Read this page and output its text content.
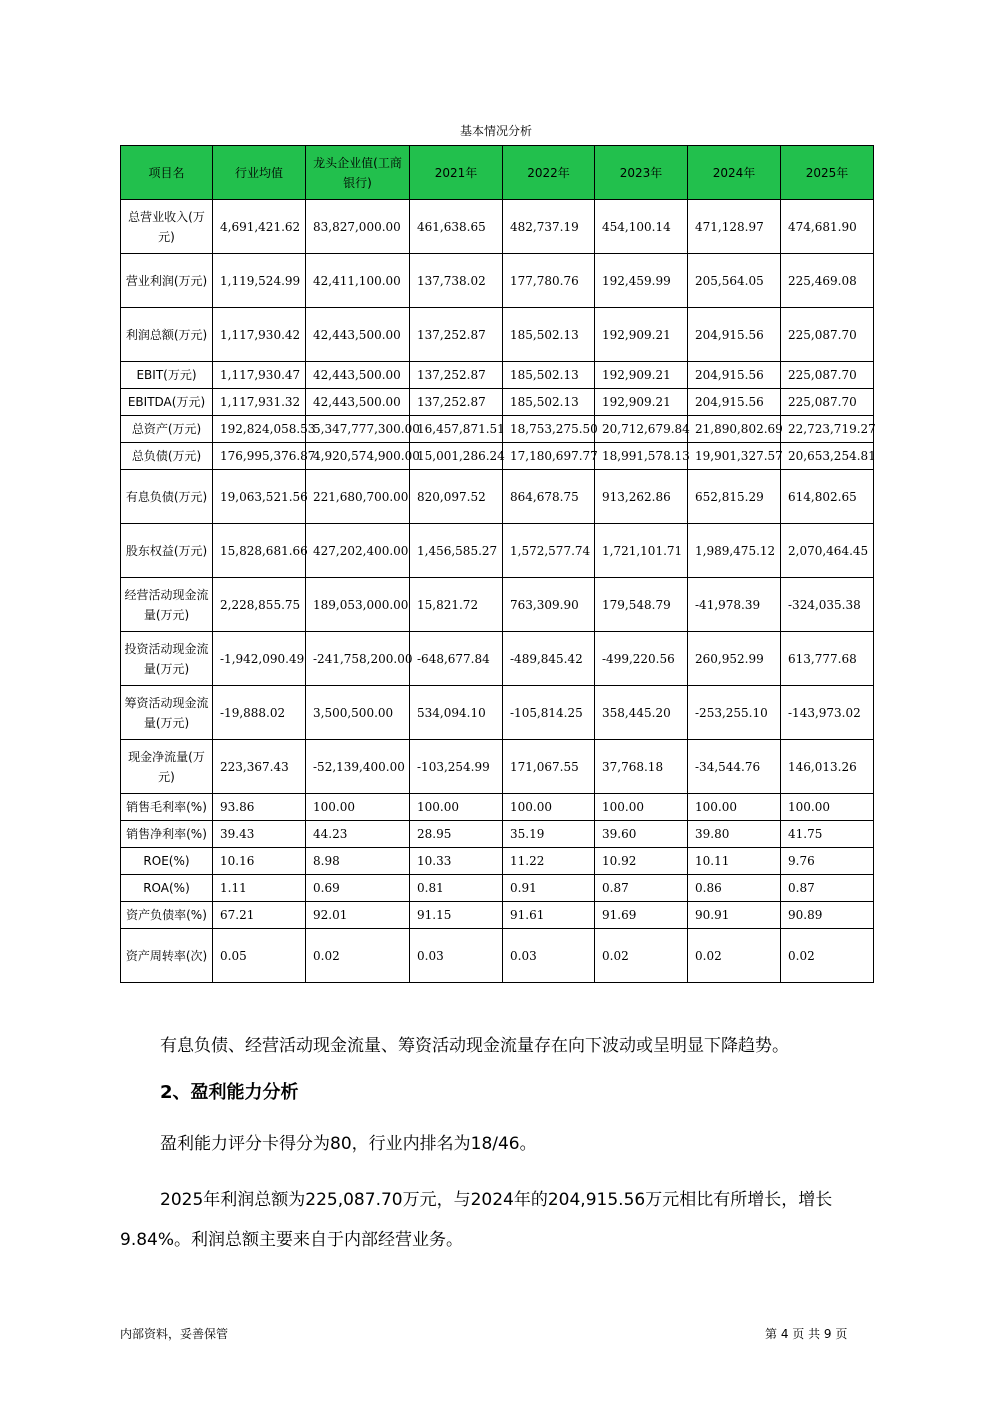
基本情况分析
项目名	行业均值	龙头企业值(工商银行)	2021年	2022年	2023年	2024年	2025年
总营业收入(万元)	4,691,421.62	83,827,000.00	461,638.65	482,737.19	454,100.14	471,128.97	474,681.90
营业利润(万元)	1,119,524.99	42,411,100.00	137,738.02	177,780.76	192,459.99	205,564.05	225,469.08
利润总额(万元)	1,117,930.42	42,443,500.00	137,252.87	185,502.13	192,909.21	204,915.56	225,087.70
EBIT(万元)	1,117,930.47	42,443,500.00	137,252.87	185,502.13	192,909.21	204,915.56	225,087.70
EBITDA(万元)	1,117,931.32	42,443,500.00	137,252.87	185,502.13	192,909.21	204,915.56	225,087.70
总资产(万元)	192,824,058.53	5,347,777,300.00	16,457,871.51	18,753,275.50	20,712,679.84	21,890,802.69	22,723,719.27
总负债(万元)	176,995,376.87	4,920,574,900.00	15,001,286.24	17,180,697.77	18,991,578.13	19,901,327.57	20,653,254.81
有息负债(万元)	19,063,521.56	221,680,700.00	820,097.52	864,678.75	913,262.86	652,815.29	614,802.65
股东权益(万元)	15,828,681.66	427,202,400.00	1,456,585.27	1,572,577.74	1,721,101.71	1,989,475.12	2,070,464.45
经营活动现金流量(万元)	2,228,855.75	189,053,000.00	15,821.72	763,309.90	179,548.79	-41,978.39	-324,035.38
投资活动现金流量(万元)	-1,942,090.49	-241,758,200.00	-648,677.84	-489,845.42	-499,220.56	260,952.99	613,777.68
筹资活动现金流量(万元)	-19,888.02	3,500,500.00	534,094.10	-105,814.25	358,445.20	-253,255.10	-143,973.02
现金净流量(万元)	223,367.43	-52,139,400.00	-103,254.99	171,067.55	37,768.18	-34,544.76	146,013.26
销售毛利率(%)	93.86	100.00	100.00	100.00	100.00	100.00	100.00
销售净利率(%)	39.43	44.23	28.95	35.19	39.60	39.80	41.75
ROE(%)	10.16	8.98	10.33	11.22	10.92	10.11	9.76
ROA(%)	1.11	0.69	0.81	0.91	0.87	0.86	0.87
资产负债率(%)	67.21	92.01	91.15	91.61	91.69	90.91	90.89
资产周转率(次)	0.05	0.02	0.03	0.03	0.02	0.02	0.02
有息负债、经营活动现金流量、筹资活动现金流量存在向下波动或呈明显下降趋势。
2、盈利能力分析
盈利能力评分卡得分为80，行业内排名为18/46。
2025年利润总额为225,087.70万元，与2024年的204,915.56万元相比有所增长，增长9.84%。利润总额主要来自于内部经营业务。
内部资料，妥善保管	第 4 页 共 9 页
